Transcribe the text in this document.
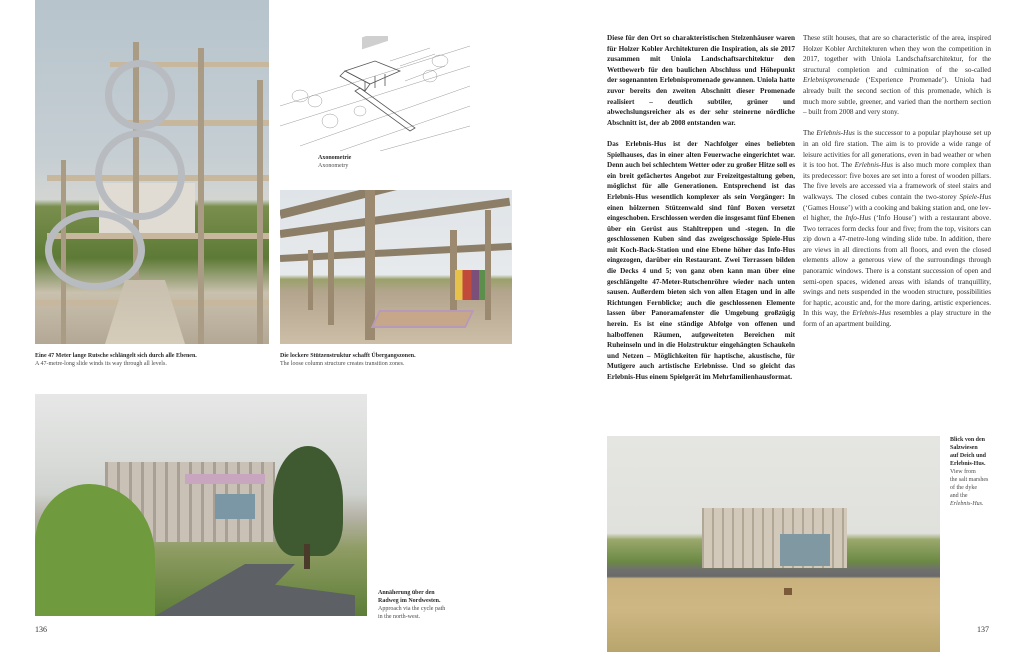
Axonometrie
Axonometry
Eine 47 Meter lange Rutsche schlängelt sich durch alle Ebenen.
A 47-metre-long slide winds its way through all levels.
Die lockere Stützenstruktur schafft Übergangszonen.
The loose column structure creates transition zones.
Annäherung über den
Radweg im Nordwesten.
Approach via the cycle path
in the north-west.
136

Diese für den Ort so charakteristischen Stelzenhäuser waren für Holzer Kobler Architekturen die Inspiration, als sie 2017 zusammen mit Uniola Landschaftsarchitektur den Wettbewerb für den baulichen Abschluss und Höhepunkt der sogenannten Erlebnispromenade gewannen. Uniola hatte zuvor bereits den zweiten Abschnitt dieser Promenade realisiert – deutlich subtiler, grüner und abwechslungsreicher als es der sehr steinerne nördliche Abschnitt ist, der ab 2008 entstanden war.

Das Erlebnis-Hus ist der Nachfolger eines beliebten Spielhauses, das in einer alten Feuerwache eingerichtet war. Denn auch bei schlechtem Wetter oder zu großer Hitze soll es ein breit gefächertes Angebot zur Freizeitgestaltung geben, möglichst für alle Generationen. Entsprechend ist das Erlebnis-Hus wesentlich komplexer als sein Vorgänger: In einen hölzernen Stützenwald sind fünf Boxen versetzt eingeschoben. Erschlossen werden die insgesamt fünf Ebenen über ein Gerüst aus Stahltreppen und -stegen. In die geschlossenen Kuben sind das zweigeschossige Spiele-Hus mit Koch-Back-Station und eine Ebene höher das Info-Hus eingezogen, darüber ein Restaurant. Zwei Terrassen bilden die Decks 4 und 5; von ganz oben kann man über eine geschlängelte 47-Meter-Rutschenröhre wieder nach unten sausen. Außerdem bieten sich von allen Etagen und in alle Richtungen Fernblicke; auch die geschlossenen Elemente lassen über Panoramafenster die Umgebung großzügig herein. Es ist eine ständige Abfolge von offenen und halboffenen Räumen, aufgeweiteten Bereichen mit Ruheinseln und in die Holzstruktur eingehängten Schaukeln und Netzen – Möglichkeiten für haptische, akustische, für Mutigere auch artistische Erlebnisse. Und so gleicht das Erlebnis-Hus einem Spielgerät im Mehrfamilienhausformat.

These stilt houses, that are so characteristic of the area, inspired Holzer Kobler Architekturen when they won the competition in 2017, together with Uniola Landschaftsarchitektur, for the structural completion and culmination of the so-called Erlebnispromenade (‘Experience Promenade’). Uniola had already built the second section of this promenade, which is much more subtle, greener, and varied than the northern section – built from 2008 and very stony.

The Erlebnis-Hus is the successor to a popular playhouse set up in an old fire station. The aim is to provide a wide range of leisure activities for all generations, even in bad weather or when it is too hot. The Erlebnis-Hus is also much more complex than its predecessor: five boxes are set into a forest of wooden pillars. The five levels are accessed via a framework of steel stairs and walkways. The closed cubes contain the two-storey Spiele-Hus (‘Games House’) with a cooking and baking station and, one level higher, the Info-Hus (‘Info House’) with a restaurant above. Two terraces form decks four and five; from the top, visitors can zip down a 47-metre-long winding slide tube. In addition, there are views in all directions from all floors, and even the closed elements allow a generous view of the surroundings through panoramic windows. There is a constant succession of open and semi-open spaces, widened areas with islands of tranquillity, swings and nets suspended in the wooden structure, possibilities for haptic, acoustic and, for the more daring, artistic experiences. In this way, the Erlebnis-Hus resembles a play structure in the form of an apartment building.

Blick von den
Salzwiesen
auf Deich und
Erlebnis-Hus.
View from
the salt marshes
of the dyke
and the
Erlebnis-Hus.
137
